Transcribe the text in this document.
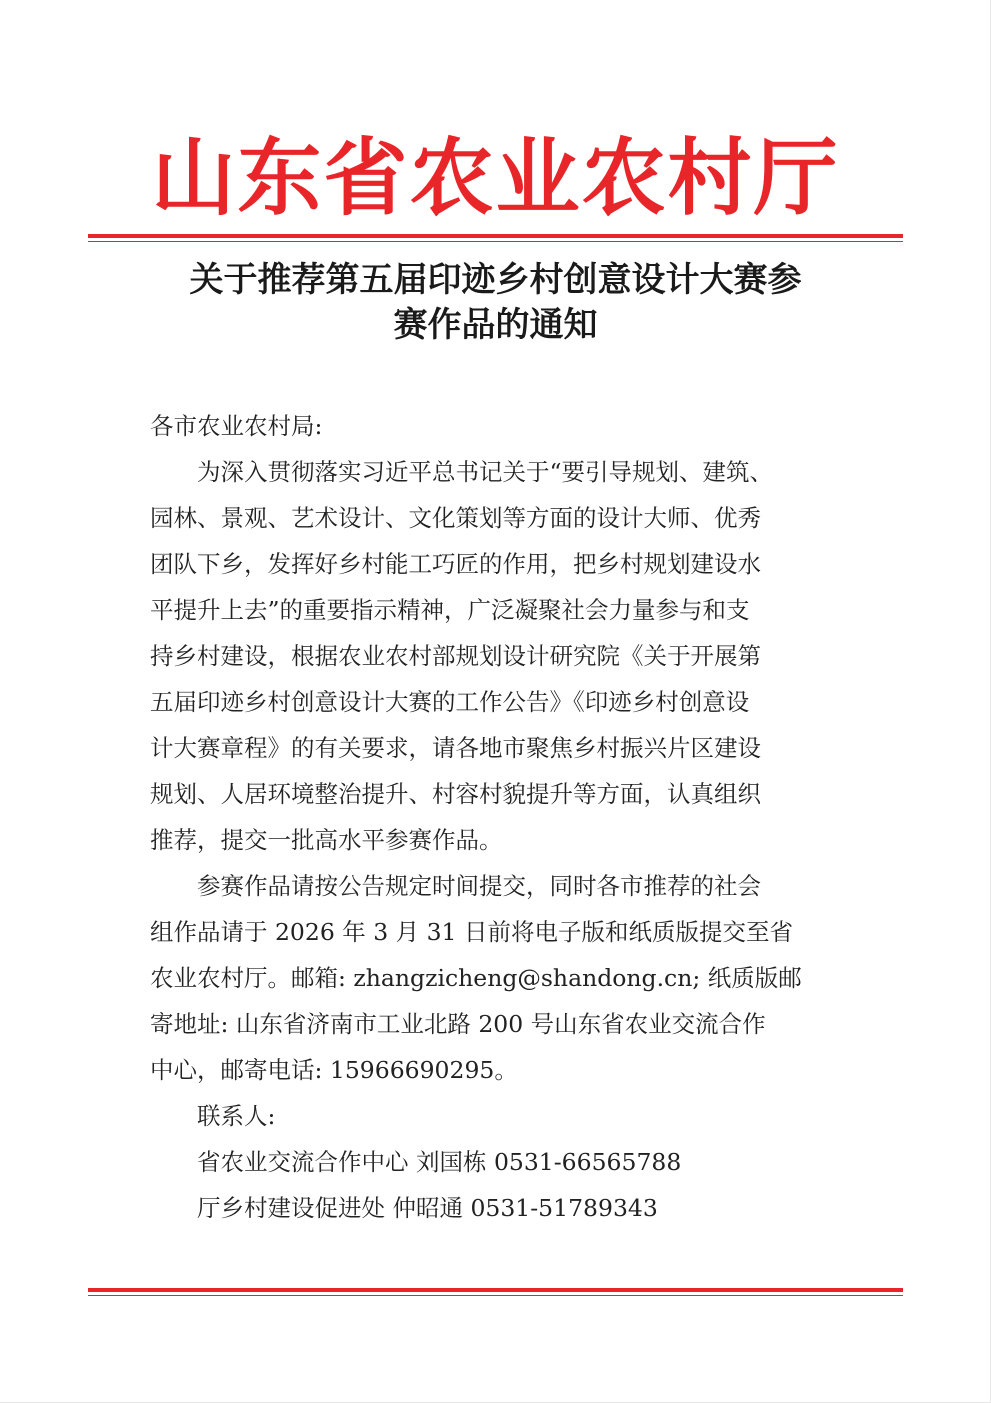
山东省农业农村厅
关于推荐第五届印迹乡村创意设计大赛参
赛作品的通知
各市农业农村局:
为深入贯彻落实习近平总书记关于“要引导规划、建筑、
园林、景观、艺术设计、文化策划等方面的设计大师、优秀
团队下乡，发挥好乡村能工巧匠的作用，把乡村规划建设水
平提升上去”的重要指示精神，广泛凝聚社会力量参与和支
持乡村建设，根据农业农村部规划设计研究院《关于开展第
五届印迹乡村创意设计大赛的工作公告》《印迹乡村创意设
计大赛章程》的有关要求，请各地市聚焦乡村振兴片区建设
规划、人居环境整治提升、村容村貌提升等方面，认真组织
推荐，提交一批高水平参赛作品。
参赛作品请按公告规定时间提交，同时各市推荐的社会
组作品请于 2026 年 3 月 31 日前将电子版和纸质版提交至省
农业农村厅。邮箱: zhangzicheng@shandong.cn; 纸质版邮
寄地址: 山东省济南市工业北路 200 号山东省农业交流合作
中心，邮寄电话: 15966690295。
联系人:
省农业交流合作中心 刘国栋 0531-66565788
厅乡村建设促进处 仲昭通 0531-51789343
